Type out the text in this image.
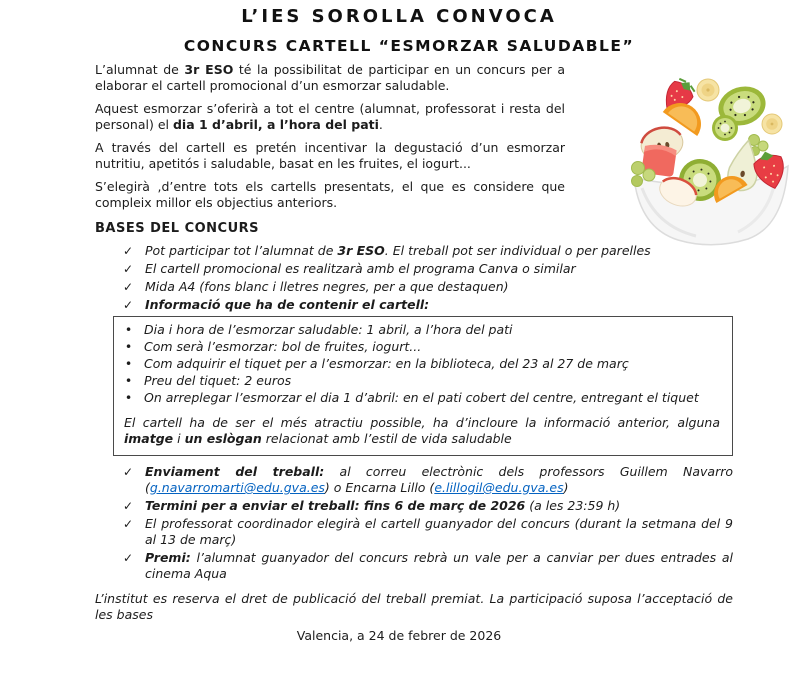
L’IES SOROLLA CONVOCA
CONCURS CARTELL “ESMORZAR SALUDABLE”

L’alumnat de 3r ESO té la possibilitat de participar en un concurs per a elaborar el cartell promocional d’un esmorzar saludable.

Aquest esmorzar s’oferirà a tot el centre (alumnat, professorat i resta del personal) el dia 1 d’abril, a l’hora del pati.

A través del cartell es pretén incentivar la degustació d’un esmorzar nutritiu, apetitós i saludable, basat en les fruites, el iogurt...

S’elegirà ,d’entre tots els cartells presentats, el que es considere que compleix millor els objectius anteriors.

BASES DEL CONCURS
✓ Pot participar tot l’alumnat de 3r ESO. El treball pot ser individual o per parelles
✓ El cartell promocional es realitzarà amb el programa Canva o similar
✓ Mida A4 (fons blanc i lletres negres, per a que destaquen)
✓ Informació que ha de contenir el cartell:
• Dia i hora de l’esmorzar saludable: 1 abril, a l’hora del pati
• Com serà l’esmorzar: bol de fruites, iogurt...
• Com adquirir el tiquet per a l’esmorzar: en la biblioteca, del 23 al 27 de març
• Preu del tiquet: 2 euros
• On arreplegar l’esmorzar el dia 1 d’abril: en el pati cobert del centre, entregant el tiquet

El cartell ha de ser el més atractiu possible, ha d’incloure la informació anterior, alguna imatge i un eslògan relacionat amb l’estil de vida saludable

✓ Enviament del treball: al correu electrònic dels professors Guillem Navarro (g.navarromarti@edu.gva.es) o Encarna Lillo (e.lillogil@edu.gva.es)
✓ Termini per a enviar el treball: fins 6 de març de 2026 (a les 23:59 h)
✓ El professorat coordinador elegirà el cartell guanyador del concurs (durant la setmana del 9 al 13 de març)
✓ Premi: l’alumnat guanyador del concurs rebrà un vale per a canviar per dues entrades al cinema Aqua

L’institut es reserva el dret de publicació del treball premiat. La participació suposa l’acceptació de les bases

Valencia, a 24 de febrer de 2026
